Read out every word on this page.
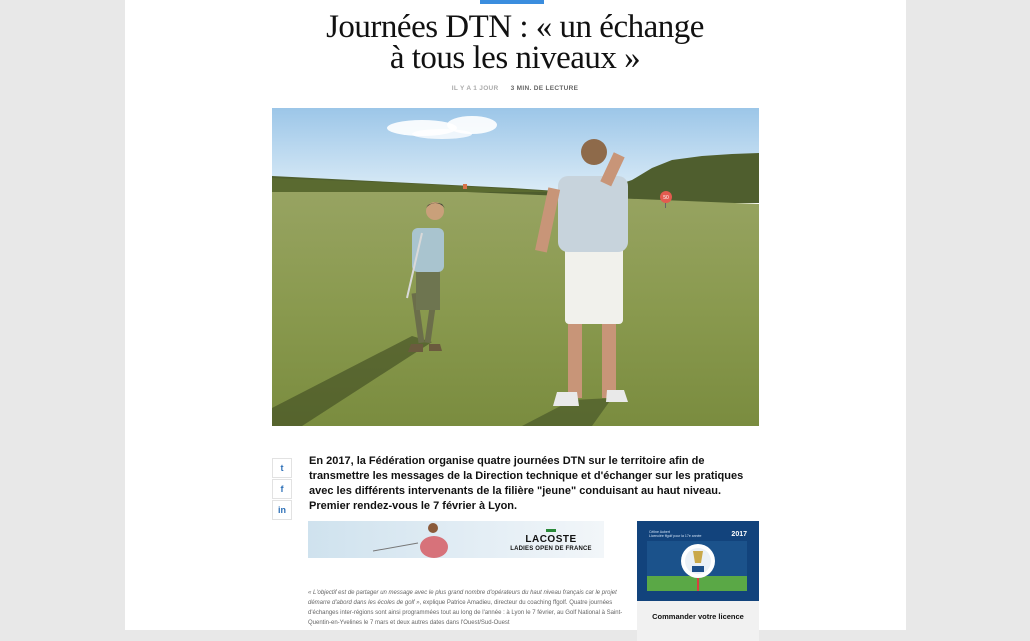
Journées DTN : « un échange
à tous les niveaux »
IL Y A 1 JOUR 3 MIN. DE LECTURE
50
t
f
in

En 2017, la Fédération organise quatre journées DTN sur le territoire afin de transmettre les messages de la Direction technique et d'échanger sur les pratiques avec les différents intervenants de la filière "jeune" conduisant au haut niveau. Premier rendez-vous le 7 février à Lyon.

▬
LACOSTE
LADIES OPEN DE FRANCE
Céline Aubert
Licenciée ffgolf pour la 17e année	2017
Commander votre licence

« L'objectif est de partager un message avec le plus grand nombre d'opérateurs du haut niveau français car le projet démarre d'abord dans les écoles de golf », explique Patrice Amadieu, directeur du coaching ffgolf. Quatre journées d'échanges inter-régions sont ainsi programmées tout au long de l'année : à Lyon le 7 février, au Golf National à Saint-Quentin-en-Yvelines le 7 mars et deux autres dates dans l'Ouest/Sud-Ouest
